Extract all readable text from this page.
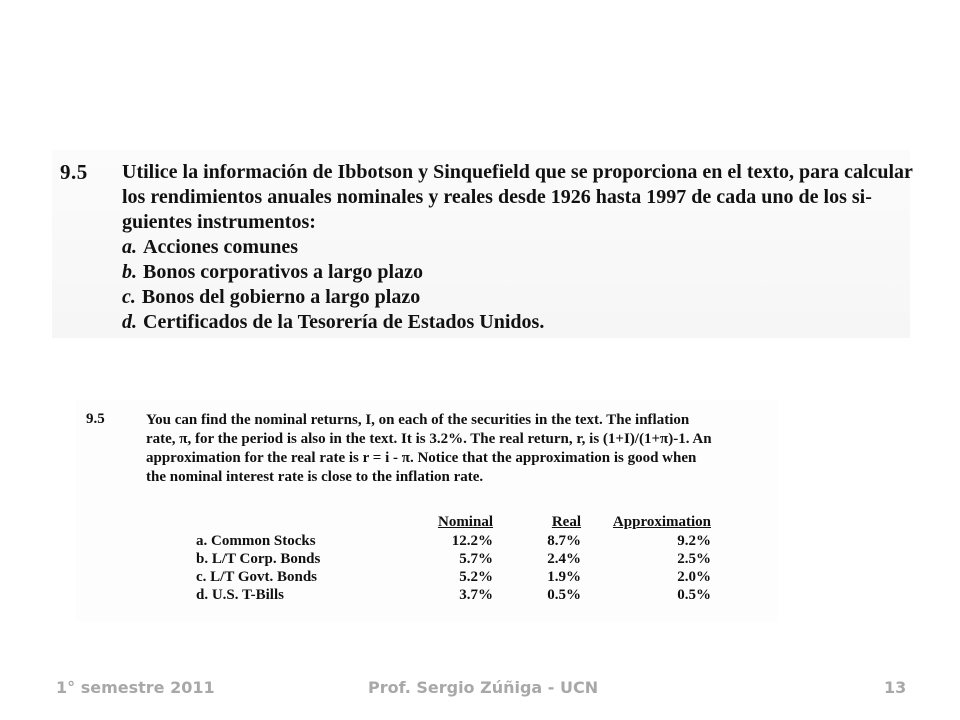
9.5 Utilice la información de Ibbotson y Sinquefield que se proporciona en el texto, para calcular
los rendimientos anuales nominales y reales desde 1926 hasta 1997 de cada uno de los si-
guientes instrumentos:
a. Acciones comunes
b. Bonos corporativos a largo plazo
c. Bonos del gobierno a largo plazo
d. Certificados de la Tesorería de Estados Unidos.
9.5	You can find the nominal returns, I, on each of the securities in the text. The inflation
rate, π, for the period is also in the text. It is 3.2%. The real return, r, is (1+I)/(1+π)-1. An
approximation for the real rate is r = i - π. Notice that the approximation is good when
the nominal interest rate is close to the inflation rate.
	Nominal	Real	Approximation
a. Common Stocks	12.2%	8.7%	9.2%
b. L/T Corp. Bonds	5.7%	2.4%	2.5%
c. L/T Govt. Bonds	5.2%	1.9%	2.0%
d. U.S. T-Bills	3.7%	0.5%	0.5%
1° semestre 2011	Prof. Sergio Zúñiga - UCN	13
